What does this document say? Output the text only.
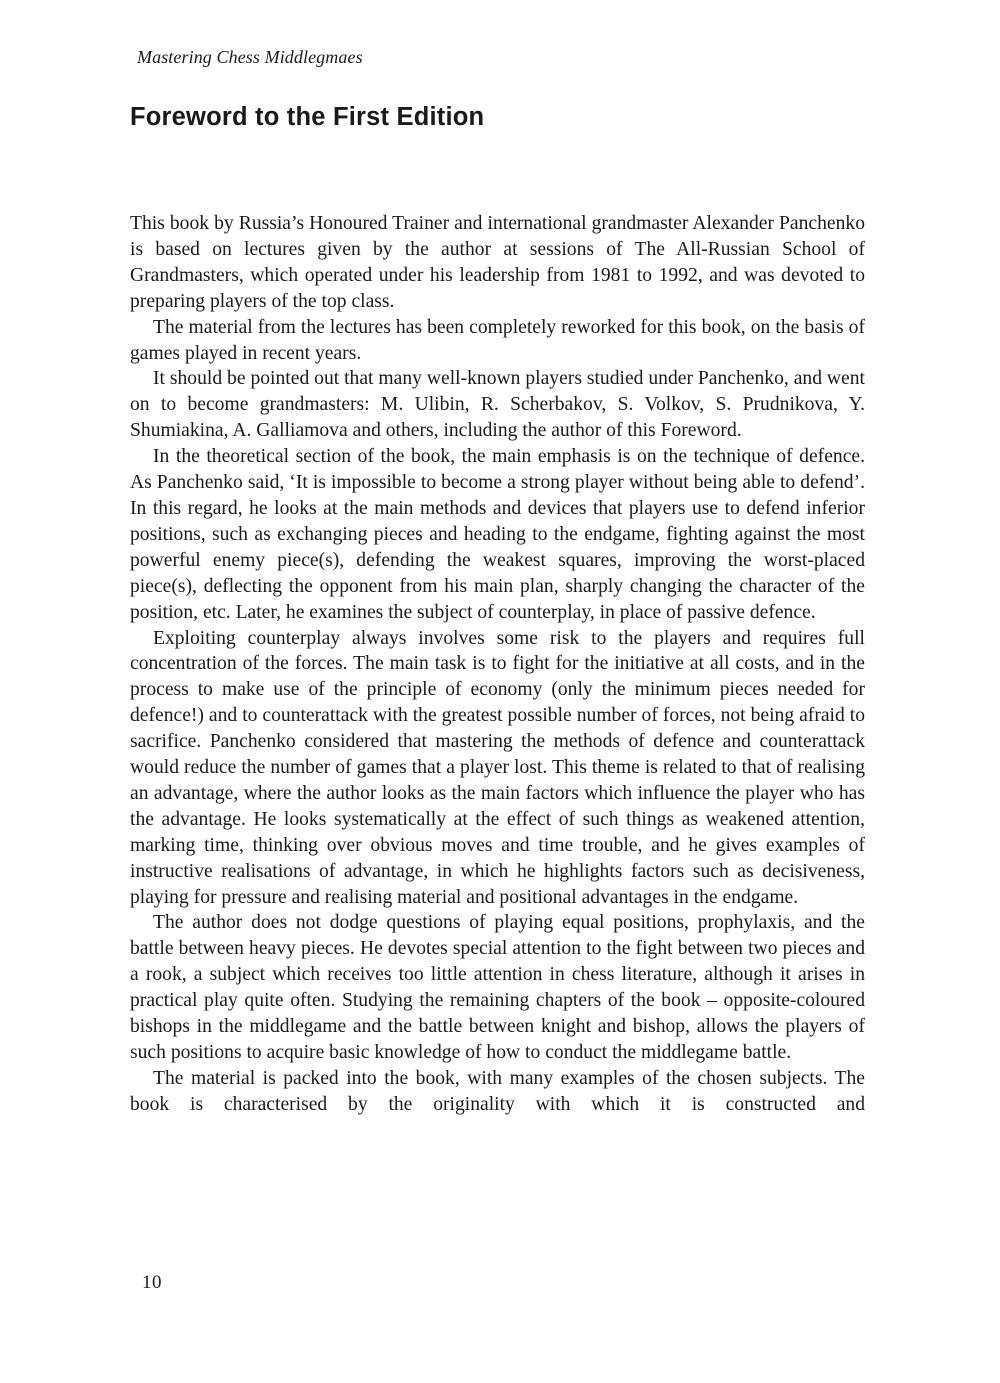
Mastering Chess Middlegmaes

Foreword to the First Edition

This book by Russia’s Honoured Trainer and international grandmaster Alexander Panchenko is based on lectures given by the author at sessions of The All-Russian School of Grandmasters, which operated under his leadership from 1981 to 1992, and was devoted to preparing players of the top class.

The material from the lectures has been completely reworked for this book, on the basis of games played in recent years.

It should be pointed out that many well-known players studied under Panchenko, and went on to become grandmasters: M. Ulibin, R. Scherbakov, S. Volkov, S. Prudnikova, Y. Shumiakina, A. Galliamova and others, including the author of this Foreword.

In the theoretical section of the book, the main emphasis is on the technique of defence. As Panchenko said, ‘It is impossible to become a strong player without being able to defend’. In this regard, he looks at the main methods and devices that players use to defend inferior positions, such as exchanging pieces and heading to the endgame, fighting against the most powerful enemy piece(s), defending the weakest squares, improving the worst-placed piece(s), deflecting the opponent from his main plan, sharply changing the character of the position, etc. Later, he examines the subject of counterplay, in place of passive defence.

Exploiting counterplay always involves some risk to the players and requires full concentration of the forces. The main task is to fight for the initiative at all costs, and in the process to make use of the principle of economy (only the minimum pieces needed for defence!) and to counterattack with the greatest possible number of forces, not being afraid to sacrifice. Panchenko considered that mastering the methods of defence and counterattack would reduce the number of games that a player lost. This theme is related to that of realising an advantage, where the author looks as the main factors which influence the player who has the advantage. He looks systematically at the effect of such things as weakened attention, marking time, thinking over obvious moves and time trouble, and he gives examples of instructive realisations of advantage, in which he highlights factors such as decisiveness, playing for pressure and realising material and positional advantages in the endgame.

The author does not dodge questions of playing equal positions, prophylaxis, and the battle between heavy pieces. He devotes special attention to the fight between two pieces and a rook, a subject which receives too little attention in chess literature, although it arises in practical play quite often. Studying the remaining chapters of the book – opposite-coloured bishops in the middlegame and the battle between knight and bishop, allows the players of such positions to acquire basic knowledge of how to conduct the middlegame battle.

The material is packed into the book, with many examples of the chosen subjects. The book is characterised by the originality with which it is constructed and

10
